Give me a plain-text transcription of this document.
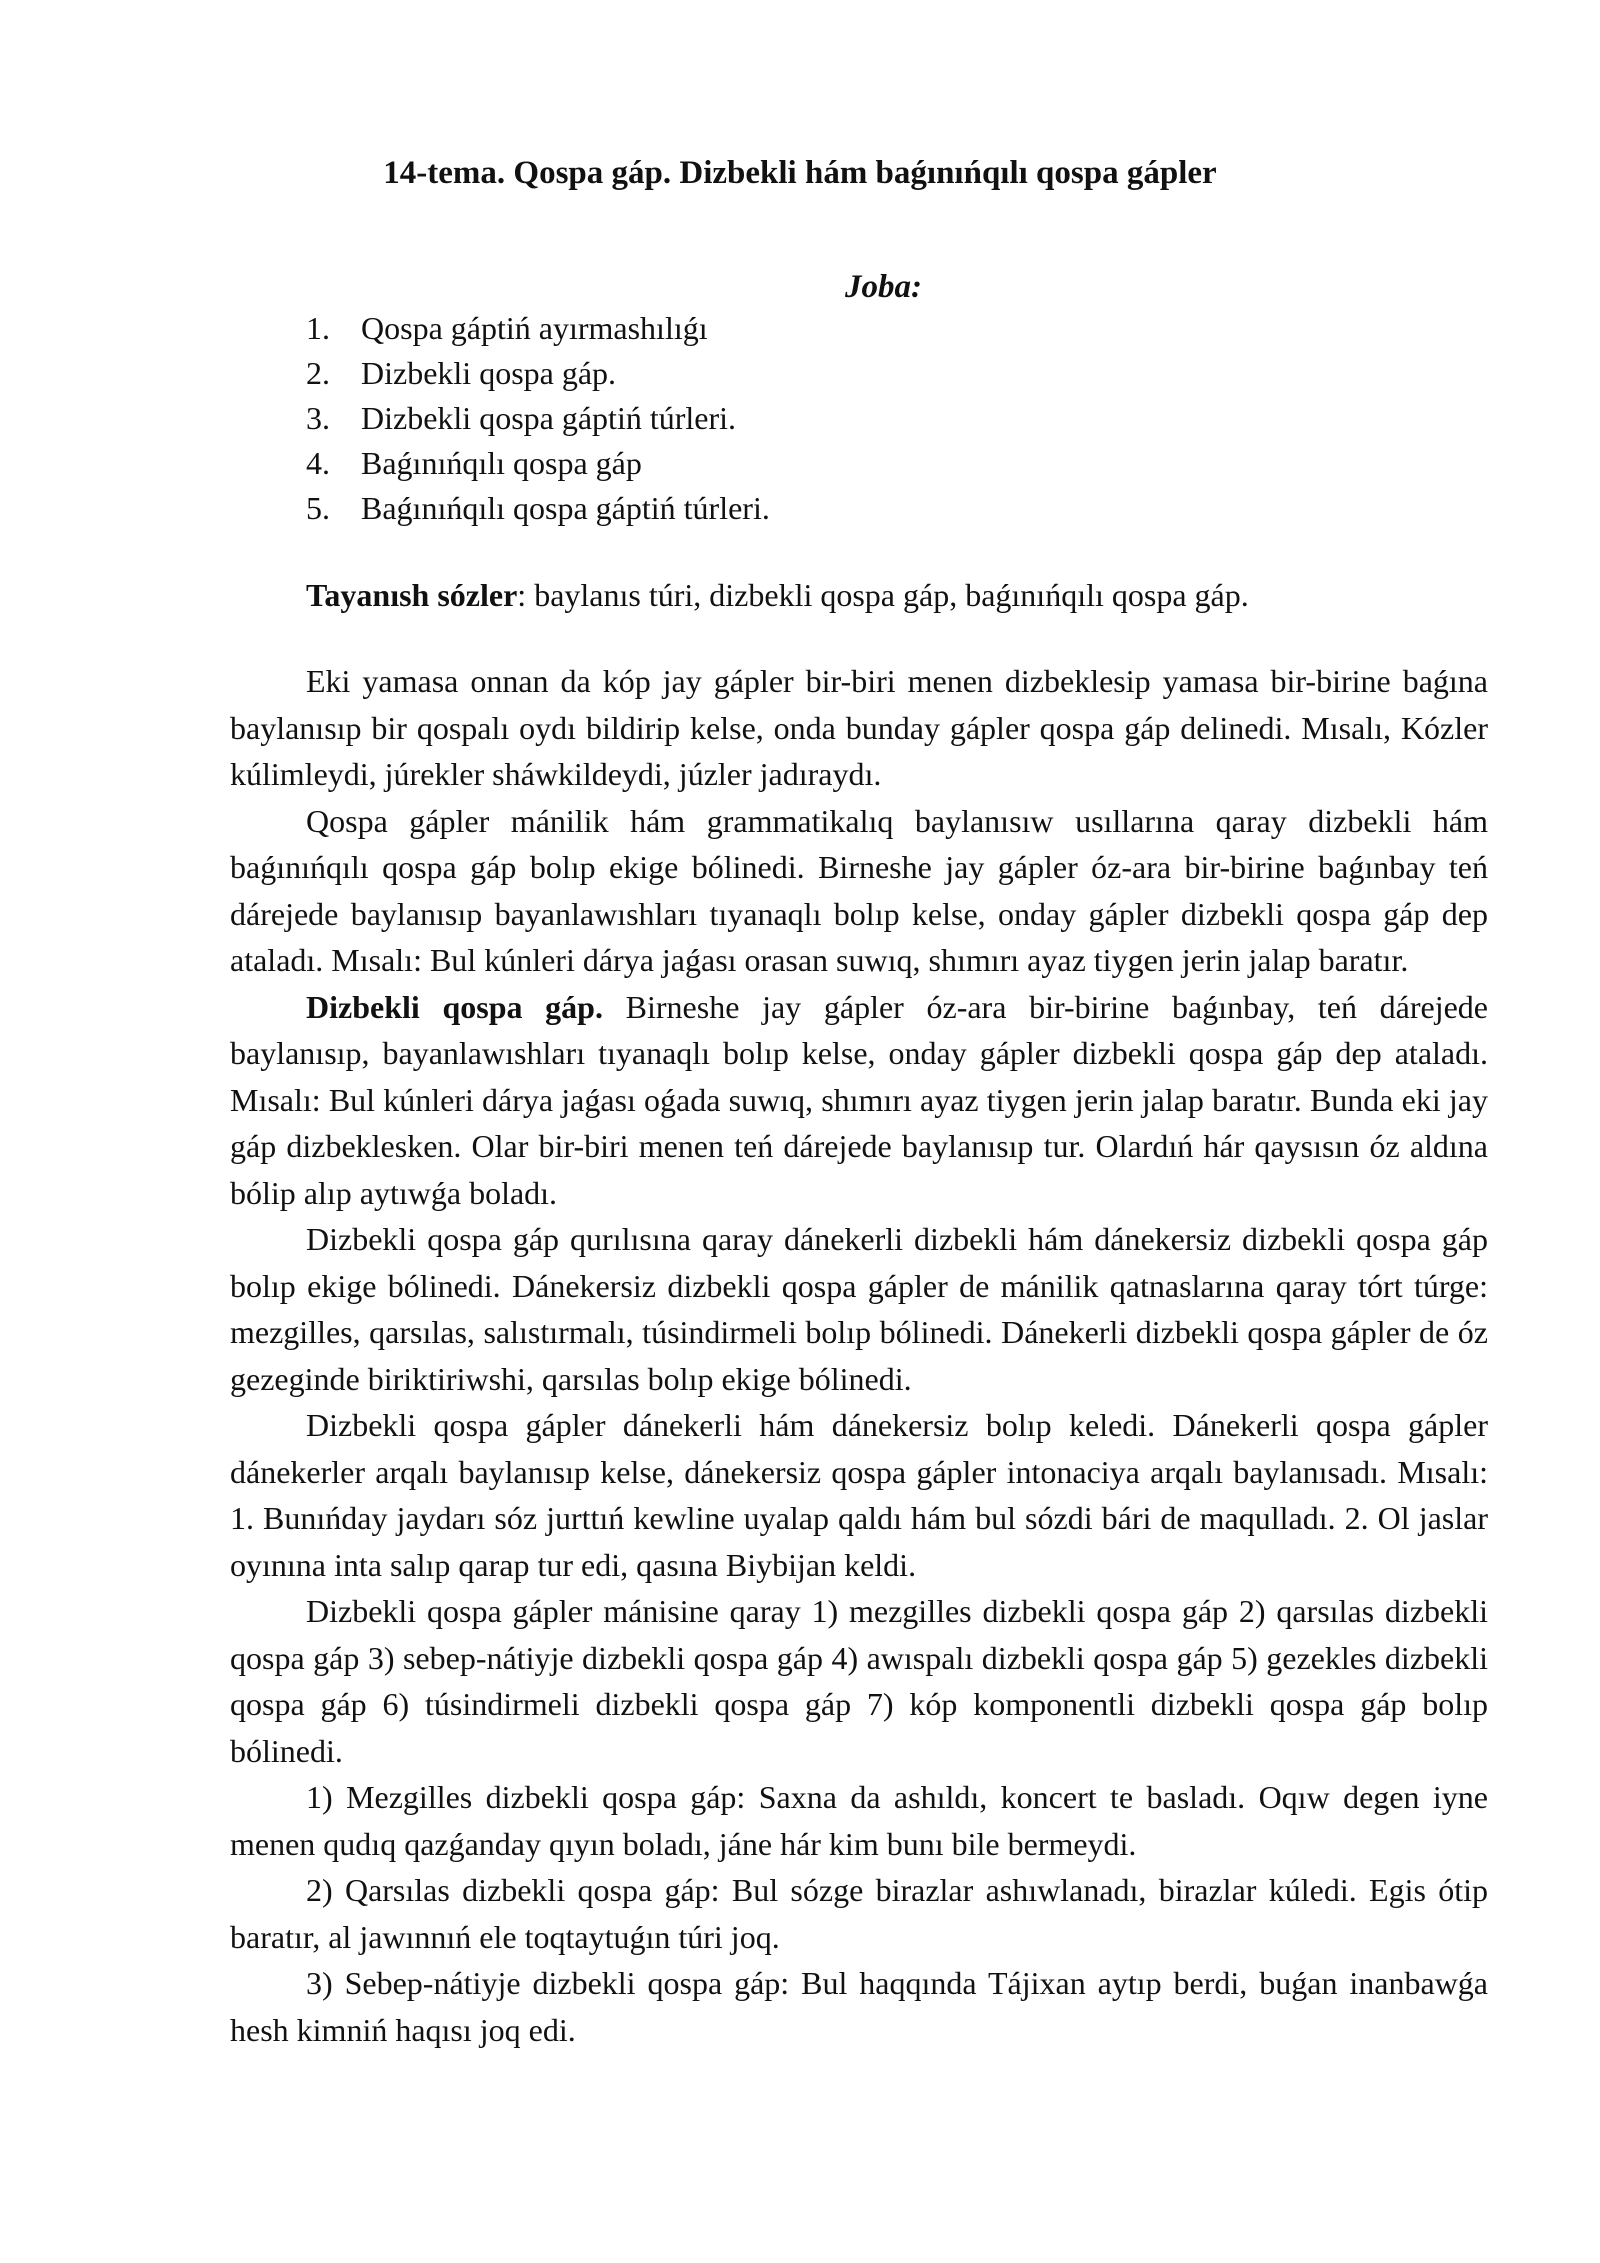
14-tema. Qospa gáp. Dizbekli hám baǵınıńqılı qospa gápler
Joba:
1. Qospa gáptiń ayırmashılıǵı
2. Dizbekli qospa gáp.
3. Dizbekli qospa gáptiń túrleri.
4. Baǵınıńqılı qospa gáp
5. Baǵınıńqılı qospa gáptiń túrleri.

Tayanısh sózler: baylanıs túri, dizbekli qospa gáp, baǵınıńqılı qospa gáp.

Eki yamasa onnan da kóp jay gápler bir-biri menen dizbeklesip yamasa bir-birine baǵına baylanısıp bir qospalı oydı bildirip kelse, onda bunday gápler qospa gáp delinedi. Mısalı, Kózler kúlimleydi, júrekler sháwkildeydi, júzler jadıraydı.

Qospa gápler mánilik hám grammatikalıq baylanısıw usıllarına qaray dizbekli hám baǵınıńqılı qospa gáp bolıp ekige bólinedi. Birneshe jay gápler óz-ara bir-birine baǵınbay teń dárejede baylanısıp bayanlawıshları tıyanaqlı bolıp kelse, onday gápler dizbekli qospa gáp dep ataladı. Mısalı: Bul kúnleri dárya jaǵası orasan suwıq, shımırı ayaz tiygen jerin jalap baratır.

Dizbekli qospa gáp. Birneshe jay gápler óz-ara bir-birine baǵınbay, teń dárejede baylanısıp, bayanlawıshları tıyanaqlı bolıp kelse, onday gápler dizbekli qospa gáp dep ataladı. Mısalı: Bul kúnleri dárya jaǵası oǵada suwıq, shımırı ayaz tiygen jerin jalap baratır. Bunda eki jay gáp dizbeklesken. Olar bir-biri menen teń dárejede baylanısıp tur. Olardıń hár qaysısın óz aldına bólip alıp aytıwǵa boladı.

Dizbekli qospa gáp qurılısına qaray dánekerli dizbekli hám dánekersiz dizbekli qospa gáp bolıp ekige bólinedi. Dánekersiz dizbekli qospa gápler de mánilik qatnaslarına qaray tórt túrge: mezgilles, qarsılas, salıstırmalı, túsindirmeli bolıp bólinedi. Dánekerli dizbekli qospa gápler de óz gezeginde biriktiriwshi, qarsılas bolıp ekige bólinedi.

Dizbekli qospa gápler dánekerli hám dánekersiz bolıp keledi. Dánekerli qospa gápler dánekerler arqalı baylanısıp kelse, dánekersiz qospa gápler intonaciya arqalı baylanısadı. Mısalı: 1. Bunıńday jaydarı sóz jurttıń kewline uyalap qaldı hám bul sózdi bári de maqulladı. 2. Ol jaslar oyınına inta salıp qarap tur edi, qasına Biybijan keldi.

Dizbekli qospa gápler mánisine qaray 1) mezgilles dizbekli qospa gáp 2) qarsılas dizbekli qospa gáp 3) sebep-nátiyje dizbekli qospa gáp 4) awıspalı dizbekli qospa gáp 5) gezekles dizbekli qospa gáp 6) túsindirmeli dizbekli qospa gáp 7) kóp komponentli dizbekli qospa gáp bolıp bólinedi.

1) Mezgilles dizbekli qospa gáp: Saxna da ashıldı, koncert te basladı. Oqıw degen iyne menen qudıq qazǵanday qıyın boladı, jáne hár kim bunı bile bermeydi.

2) Qarsılas dizbekli qospa gáp: Bul sózge birazlar ashıwlanadı, birazlar kúledi. Egis ótip baratır, al jawınnıń ele toqtaytuǵın túri joq.

3) Sebep-nátiyje dizbekli qospa gáp: Bul haqqında Tájixan aytıp berdi, buǵan inanbawǵa hesh kimniń haqısı joq edi.
